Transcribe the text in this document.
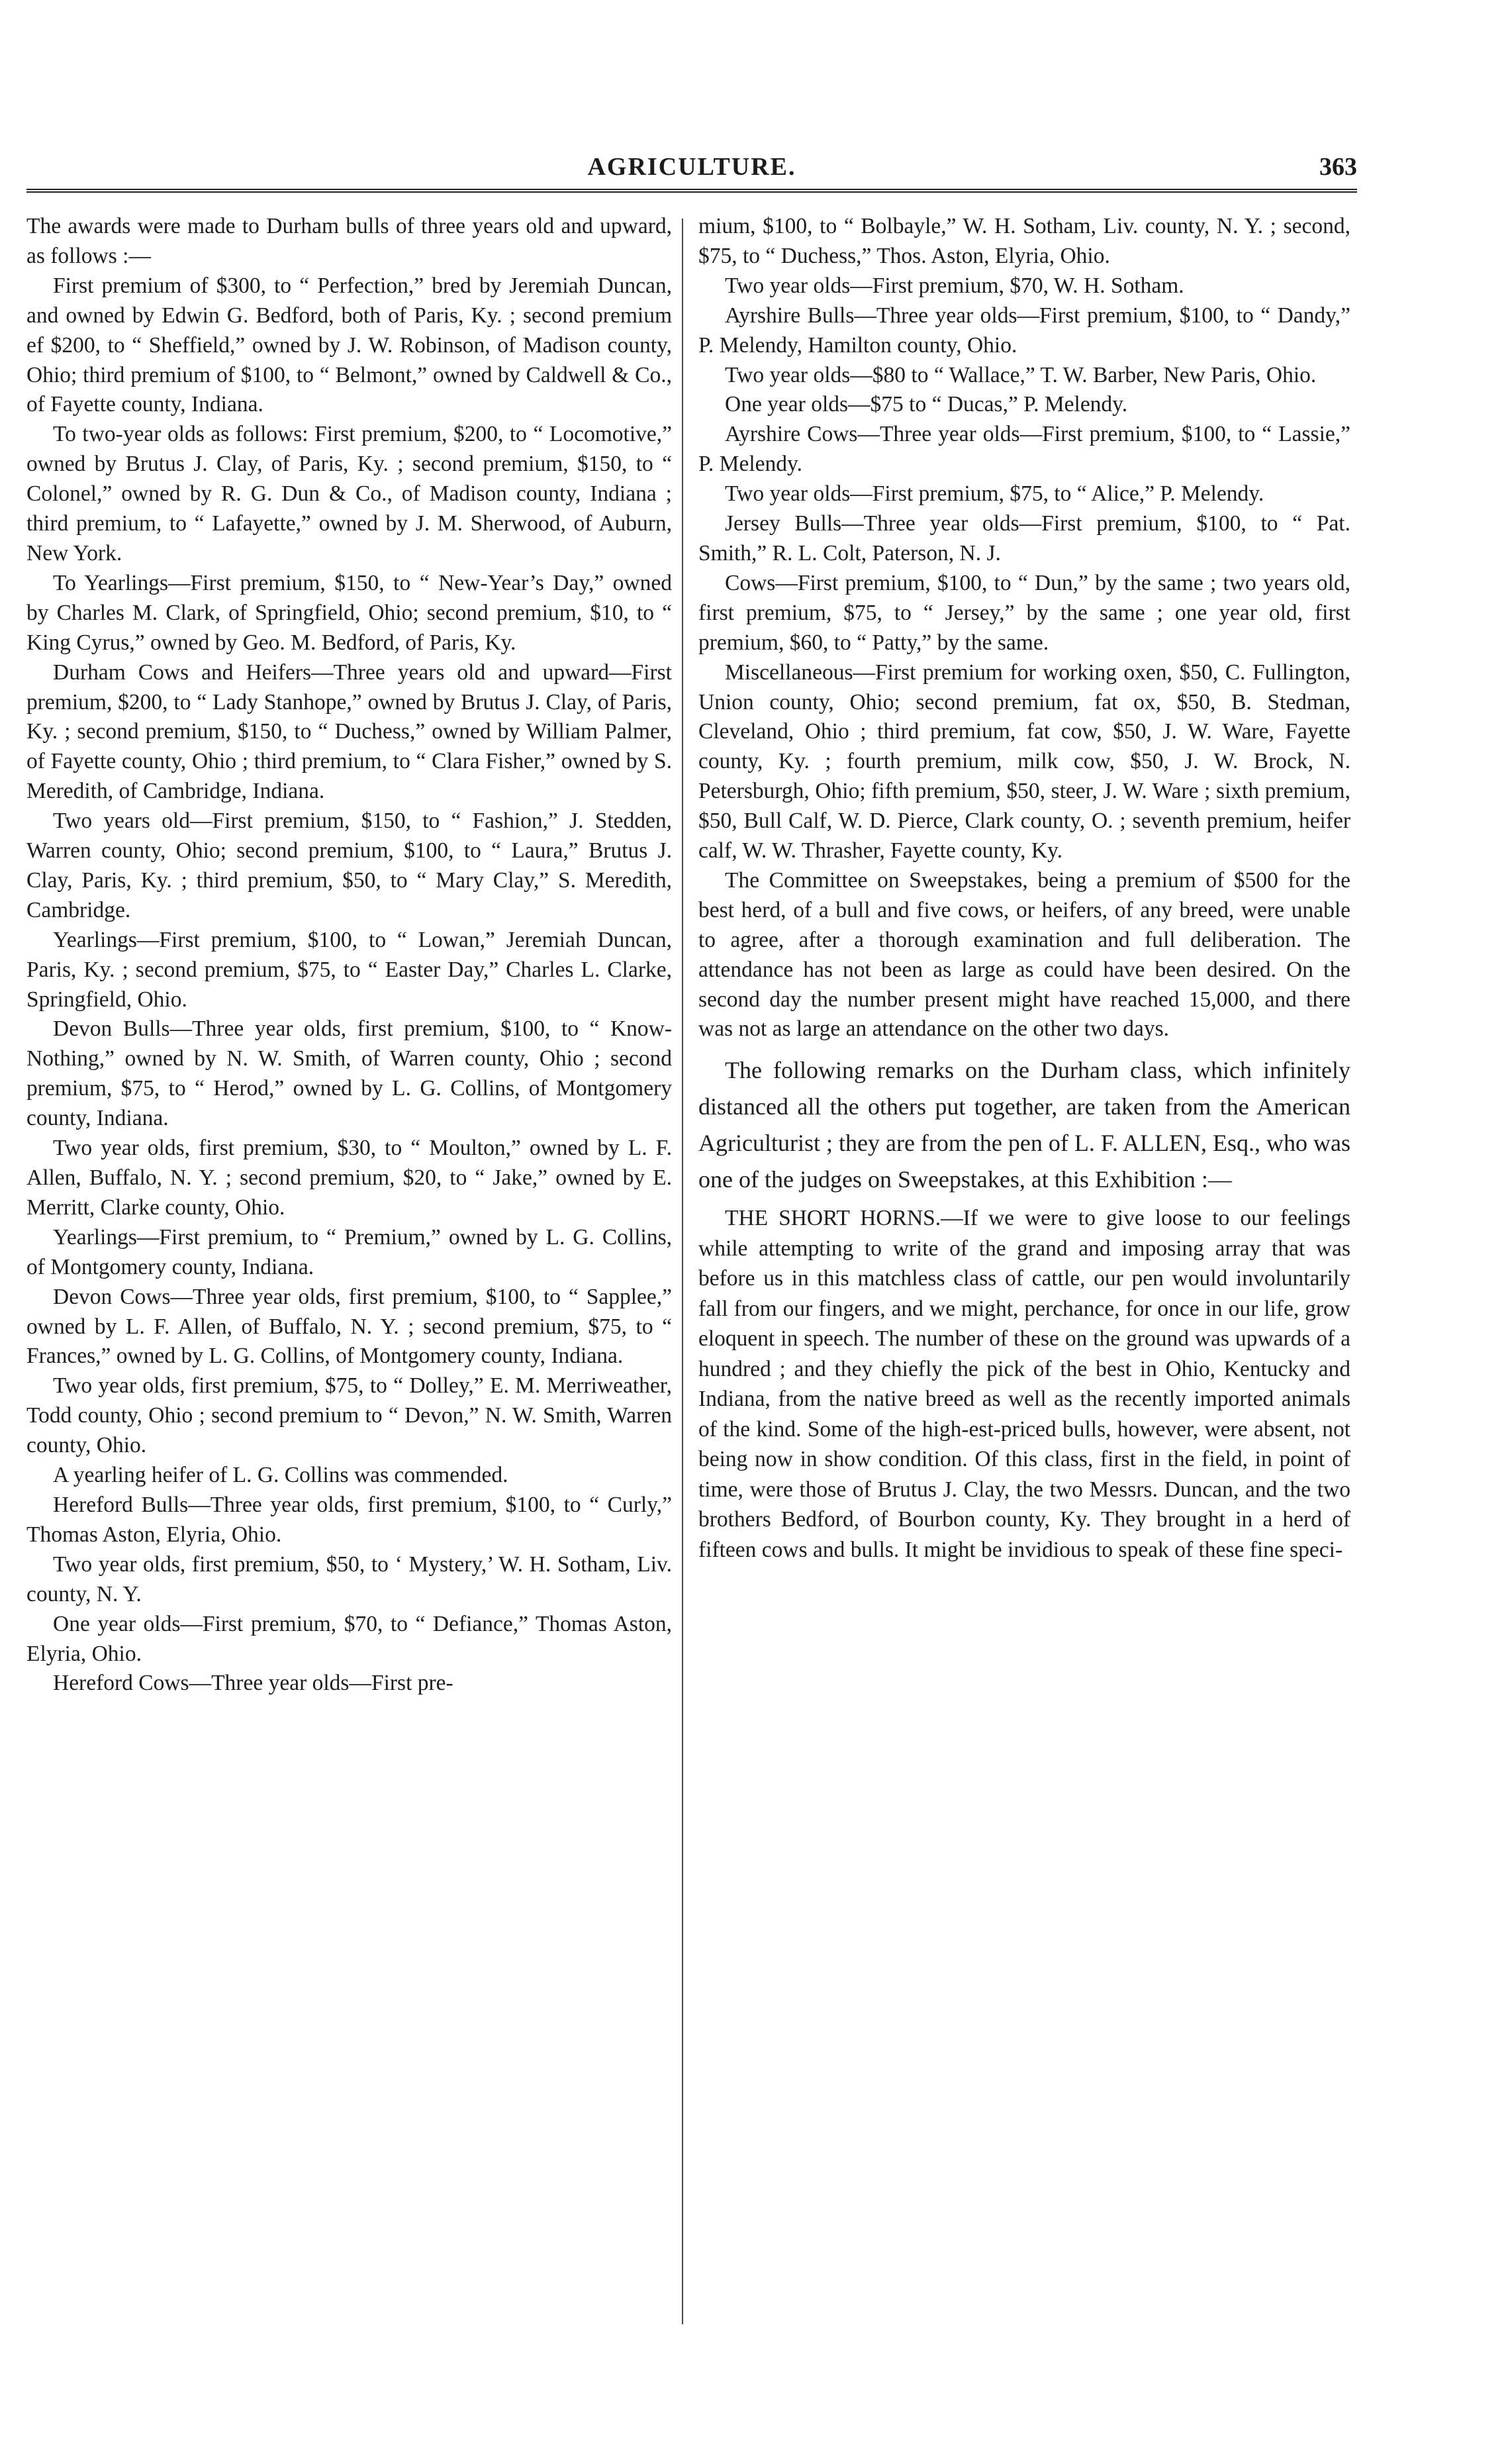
AGRICULTURE.	363

The awards were made to Durham bulls of three years old and upward, as follows :—

First premium of $300, to “ Perfection,” bred by Jeremiah Duncan, and owned by Edwin G. Bedford, both of Paris, Ky. ; second premium ef $200, to “ Sheffield,” owned by J. W. Robinson, of Madison county, Ohio; third premium of $100, to “ Belmont,” owned by Caldwell & Co., of Fayette county, Indiana.

To two-year olds as follows: First premium, $200, to “ Locomotive,” owned by Brutus J. Clay, of Paris, Ky. ; second premium, $150, to “ Colonel,” owned by R. G. Dun & Co., of Madison county, Indiana ; third premium, to “ Lafayette,” owned by J. M. Sherwood, of Auburn, New York.

To Yearlings—First premium, $150, to “ New-Year’s Day,” owned by Charles M. Clark, of Springfield, Ohio; second premium, $10, to “ King Cyrus,” owned by Geo. M. Bedford, of Paris, Ky.

Durham Cows and Heifers—Three years old and upward—First premium, $200, to “ Lady Stanhope,” owned by Brutus J. Clay, of Paris, Ky. ; second premium, $150, to “ Duchess,” owned by William Palmer, of Fayette county, Ohio ; third premium, to “ Clara Fisher,” owned by S. Meredith, of Cambridge, Indiana.

Two years old—First premium, $150, to “ Fashion,” J. Stedden, Warren county, Ohio; second premium, $100, to “ Laura,” Brutus J. Clay, Paris, Ky. ; third premium, $50, to “ Mary Clay,” S. Meredith, Cambridge.

Yearlings—First premium, $100, to “ Lowan,” Jeremiah Duncan, Paris, Ky. ; second premium, $75, to “ Easter Day,” Charles L. Clarke, Springfield, Ohio.

Devon Bulls—Three year olds, first premium, $100, to “ Know-Nothing,” owned by N. W. Smith, of Warren county, Ohio ; second premium, $75, to “ Herod,” owned by L. G. Collins, of Montgomery county, Indiana.

Two year olds, first premium, $30, to “ Moulton,” owned by L. F. Allen, Buffalo, N. Y. ; second premium, $20, to “ Jake,” owned by E. Merritt, Clarke county, Ohio.

Yearlings—First premium, to “ Premium,” owned by L. G. Collins, of Montgomery county, Indiana.

Devon Cows—Three year olds, first premium, $100, to “ Sapplee,” owned by L. F. Allen, of Buffalo, N. Y. ; second premium, $75, to “ Frances,” owned by L. G. Collins, of Montgomery county, Indiana.

Two year olds, first premium, $75, to “ Dolley,” E. M. Merriweather, Todd county, Ohio ; second premium to “ Devon,” N. W. Smith, Warren county, Ohio.

A yearling heifer of L. G. Collins was commended.

Hereford Bulls—Three year olds, first premium, $100, to “ Curly,” Thomas Aston, Elyria, Ohio.

Two year olds, first premium, $50, to ‘ Mystery,’ W. H. Sotham, Liv. county, N. Y.

One year olds—First premium, $70, to “ Defiance,” Thomas Aston, Elyria, Ohio.

Hereford Cows—Three year olds—First pre-

mium, $100, to “ Bolbayle,” W. H. Sotham, Liv. county, N. Y. ; second, $75, to “ Duchess,” Thos. Aston, Elyria, Ohio.

Two year olds—First premium, $70, W. H. Sotham.

Ayrshire Bulls—Three year olds—First premium, $100, to “ Dandy,” P. Melendy, Hamilton county, Ohio.

Two year olds—$80 to “ Wallace,” T. W. Barber, New Paris, Ohio.

One year olds—$75 to “ Ducas,” P. Melendy.

Ayrshire Cows—Three year olds—First premium, $100, to “ Lassie,” P. Melendy.

Two year olds—First premium, $75, to “ Alice,” P. Melendy.

Jersey Bulls—Three year olds—First premium, $100, to “ Pat. Smith,” R. L. Colt, Paterson, N. J.

Cows—First premium, $100, to “ Dun,” by the same ; two years old, first premium, $75, to “ Jersey,” by the same ; one year old, first premium, $60, to “ Patty,” by the same.

Miscellaneous—First premium for working oxen, $50, C. Fullington, Union county, Ohio; second premium, fat ox, $50, B. Stedman, Cleveland, Ohio ; third premium, fat cow, $50, J. W. Ware, Fayette county, Ky. ; fourth premium, milk cow, $50, J. W. Brock, N. Petersburgh, Ohio; fifth premium, $50, steer, J. W. Ware ; sixth premium, $50, Bull Calf, W. D. Pierce, Clark county, O. ; seventh premium, heifer calf, W. W. Thrasher, Fayette county, Ky.

The Committee on Sweepstakes, being a premium of $500 for the best herd, of a bull and five cows, or heifers, of any breed, were unable to agree, after a thorough examination and full deliberation. The attendance has not been as large as could have been desired. On the second day the number present might have reached 15,000, and there was not as large an attendance on the other two days.

The following remarks on the Durham class, which infinitely distanced all the others put together, are taken from the American Agriculturist ; they are from the pen of L. F. ALLEN, Esq., who was one of the judges on Sweepstakes, at this Exhibition :—

THE SHORT HORNS.—If we were to give loose to our feelings while attempting to write of the grand and imposing array that was before us in this matchless class of cattle, our pen would involuntarily fall from our fingers, and we might, perchance, for once in our life, grow eloquent in speech. The number of these on the ground was upwards of a hundred ; and they chiefly the pick of the best in Ohio, Kentucky and Indiana, from the native breed as well as the recently imported animals of the kind. Some of the high-est-priced bulls, however, were absent, not being now in show condition. Of this class, first in the field, in point of time, were those of Brutus J. Clay, the two Messrs. Duncan, and the two brothers Bedford, of Bourbon county, Ky. They brought in a herd of fifteen cows and bulls. It might be invidious to speak of these fine speci-
